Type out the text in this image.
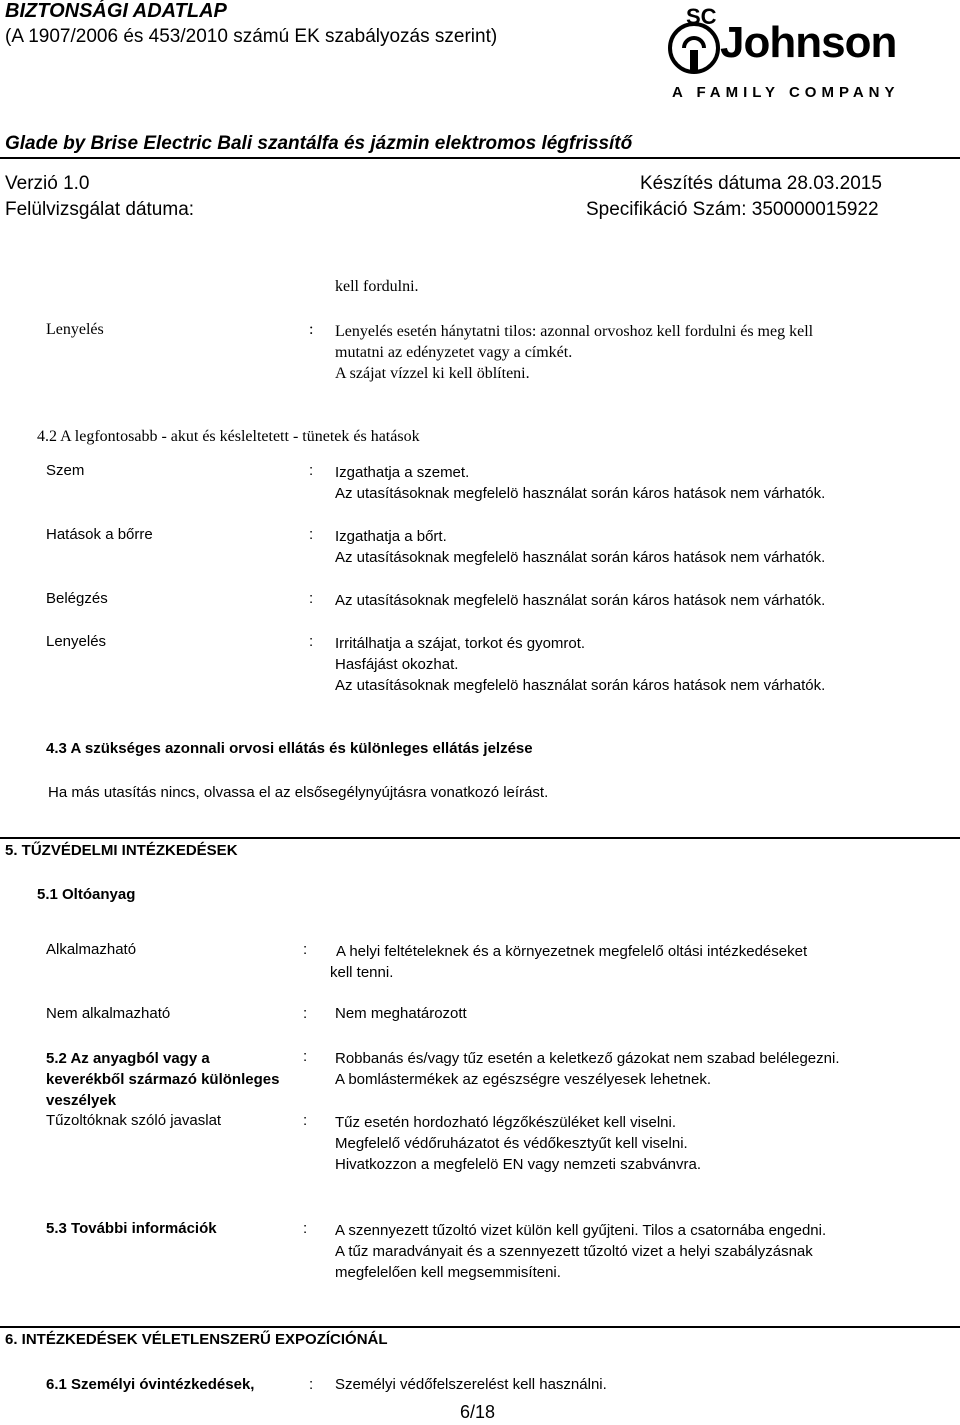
BIZTONSÁGI ADATLAP
(A 1907/2006 és 453/2010 számú EK szabályozás szerint)
SC
Johnson
A FAMILY COMPANY
Glade by Brise Electric Bali szantálfa és jázmin elektromos légfrissítő
Verzió 1.0
Felülvizsgálat dátuma:
Készítés dátuma 28.03.2015
Specifikáció Szám: 350000015922
kell fordulni.
Lenyelés	: Lenyelés esetén hánytatni tilos: azonnal orvoshoz kell fordulni és meg kell
mutatni az edényzetet vagy a címkét.
A szájat vízzel ki kell öblíteni.
4.2 A legfontosabb - akut és késleltetett - tünetek és hatások
Szem	: Izgathatja a szemet.
Az utasításoknak megfelelö használat során káros hatások nem várhatók.
Hatások a bőrre	: Izgathatja a bőrt.
Az utasításoknak megfelelö használat során káros hatások nem várhatók.
Belégzés	: Az utasításoknak megfelelö használat során káros hatások nem várhatók.
Lenyelés	: Irritálhatja a szájat, torkot és gyomrot.
Hasfájást okozhat.
Az utasításoknak megfelelö használat során káros hatások nem várhatók.
4.3 A szükséges azonnali orvosi ellátás és különleges ellátás jelzése
Ha más utasítás nincs, olvassa el az elsősegélynyújtásra vonatkozó leírást.
5. TŰZVÉDELMI INTÉZKEDÉSEK
5.1 Oltóanyag
Alkalmazható	:	A helyi feltételeknek és a környezetnek megfelelő oltási intézkedéseket
kell tenni.
Nem alkalmazható	: Nem meghatározott
5.2 Az anyagból vagy a
keverékből származó különleges
veszélyek
: Robbanás és/vagy tűz esetén a keletkező gázokat nem szabad belélegezni.
A bomlástermékek az egészségre veszélyesek lehetnek.
Tűzoltóknak szóló javaslat	: Tűz esetén hordozható légzőkészüléket kell viselni.
Megfelelő védőruházatot és védőkesztyűt kell viselni.
Hivatkozzon a megfelelö EN vagy nemzeti szabvánvra.
5.3 További információk	: A szennyezett tűzoltó vizet külön kell gyűjteni. Tilos a csatornába engedni.
A tűz maradványait és a szennyezett tűzoltó vizet a helyi szabályzásnak
megfelelően kell megsemmisíteni.
6. INTÉZKEDÉSEK VÉLETLENSZERŰ EXPOZÍCIÓNÁL
6.1 Személyi óvintézkedések,	: Személyi védőfelszerelést kell használni.
6/18
